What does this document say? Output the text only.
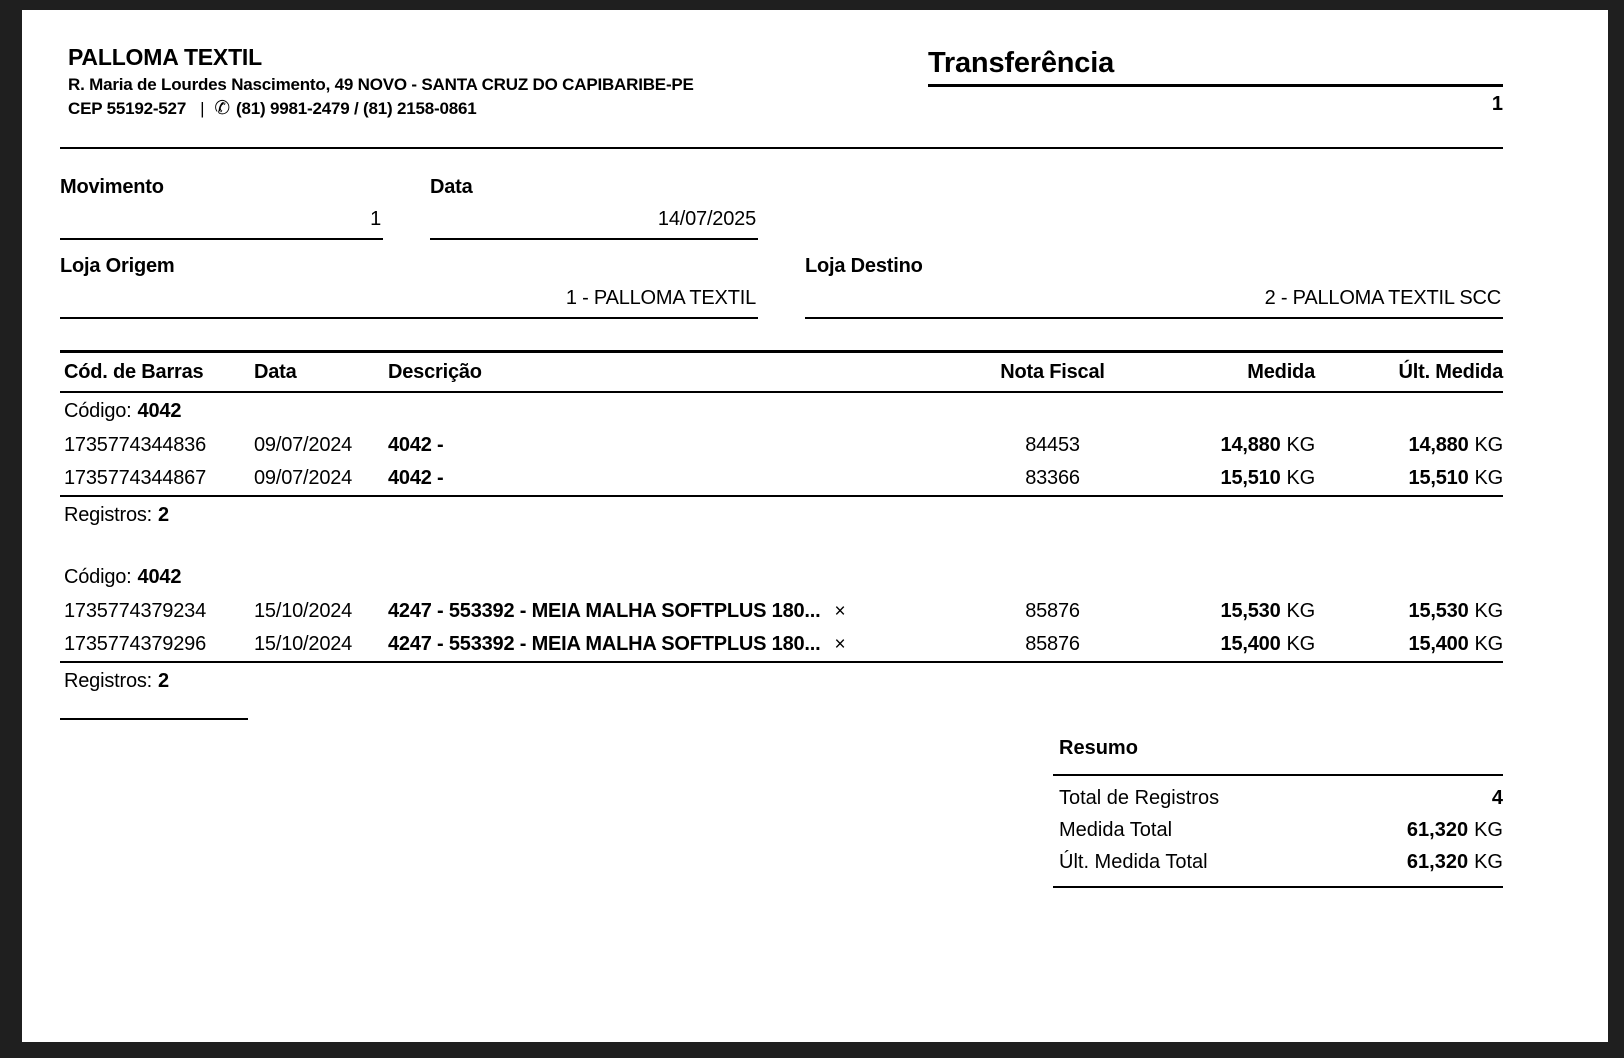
PALLOMA TEXTIL
R. Maria de Lourdes Nascimento, 49 NOVO - SANTA CRUZ DO CAPIBARIBE-PE
CEP 55192-527 | ✆ (81) 9981-2479 / (81) 2158-0861
Transferência
1
Movimento
1
Data
14/07/2025
Loja Origem
1 - PALLOMA TEXTIL
Loja Destino
2 - PALLOMA TEXTIL SCC
Cód. de Barras	Data	Descrição	Nota Fiscal	Medida	Últ. Medida
Código: 4042
1735774344836	09/07/2024	4042 -	84453	14,880 KG	14,880 KG
1735774344867	09/07/2024	4042 -	83366	15,510 KG	15,510 KG
Registros: 2
Código: 4042
1735774379234	15/10/2024	4247 - 553392 - MEIA MALHA SOFTPLUS 180... ×	85876	15,530 KG	15,530 KG
1735774379296	15/10/2024	4247 - 553392 - MEIA MALHA SOFTPLUS 180... ×	85876	15,400 KG	15,400 KG
Registros: 2
Resumo
Total de Registros	4
Medida Total	61,320 KG
Últ. Medida Total	61,320 KG
